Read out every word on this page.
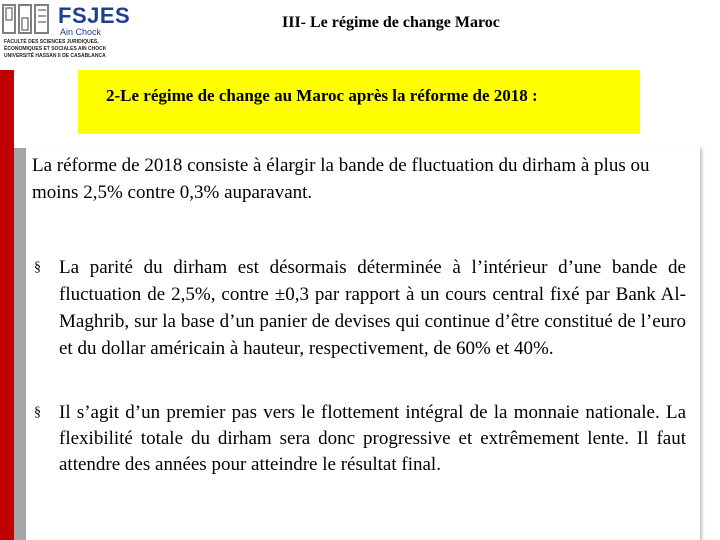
FSJES
Ain Chock
FACULTÉ DES SCIENCES JURIDIQUES,
ÉCONOMIQUES ET SOCIALES AIN CHOCK
UNIVERSITÉ HASSAN II DE CASABLANCA
III- Le régime de change Maroc
2-Le régime de change au Maroc après la réforme de 2018 :
La réforme de 2018 consiste à élargir la bande de fluctuation du dirham à plus ou moins 2,5% contre 0,3% auparavant.
§ La parité du dirham est désormais déterminée à l’intérieur d’une bande de fluctuation de 2,5%, contre ±0,3 par rapport à un cours central fixé par Bank Al-Maghrib, sur la base d’un panier de devises qui continue d’être constitué de l’euro et du dollar américain à hauteur, respectivement, de 60% et 40%.
§ Il s’agit d’un premier pas vers le flottement intégral de la monnaie nationale. La flexibilité totale du dirham sera donc progressive et extrêmement lente. Il faut attendre des années pour atteindre le résultat final.
